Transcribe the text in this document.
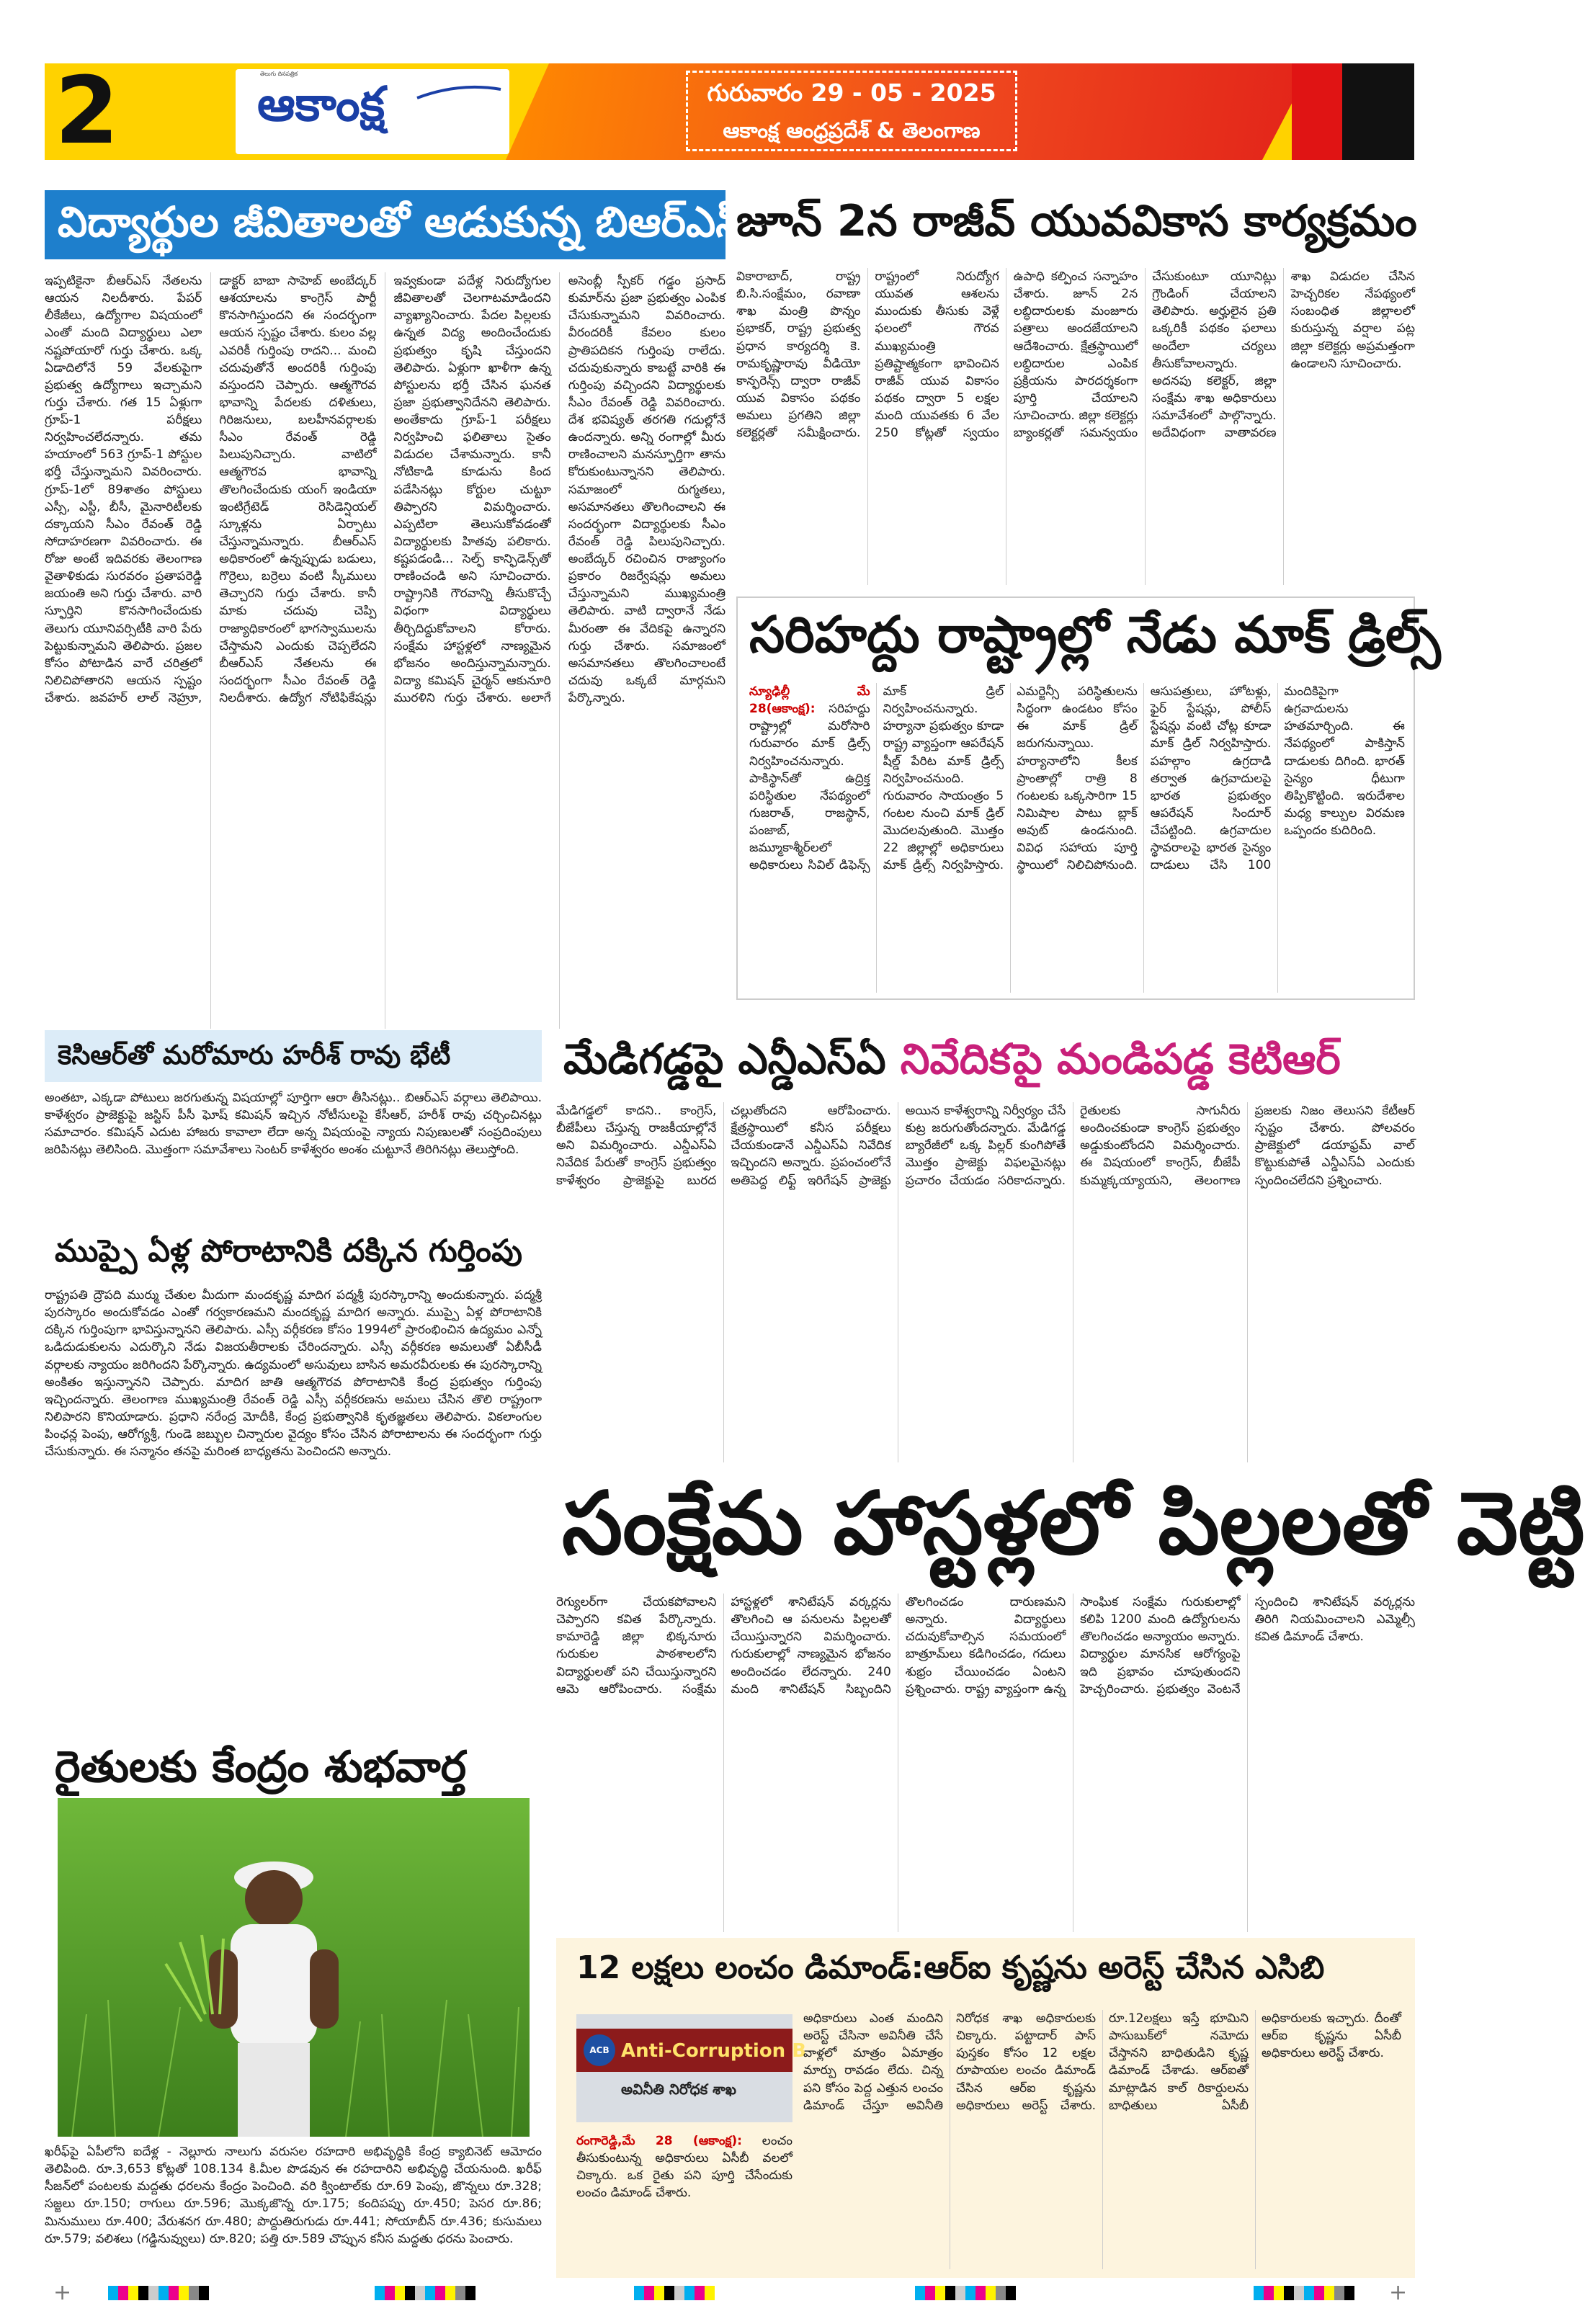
2	తెలుగు దినపత్రిక
ఆకాంక్ష	గురువారం 29 - 05 - 2025
ఆకాంక్ష ఆంధ్రప్రదేశ్ & తెలంగాణ
విద్యార్థుల జీవితాలతో ఆడుకున్న బిఆర్ఎస్
ఇప్పటికైనా బీఆర్ఎస్ నేతలను ఆయన నిలదీశారు. పేపర్ లీకేజీలు, ఉద్యోగాల విషయంలో ఎంతో మంది విద్యార్థులు ఎలా నష్టపోయారో గుర్తు చేశారు. ఒక్క ఏడాదిలోనే 59 వేలకుపైగా ప్రభుత్వ ఉద్యోగాలు ఇచ్చామని గుర్తు చేశారు. గత 15 ఏళ్లుగా గ్రూప్-1 పరీక్షలు నిర్వహించలేదన్నారు. తమ హయాంలో 563 గ్రూప్-1 పోస్టుల భర్తీ చేస్తున్నామని వివరించారు. గ్రూప్-1లో 89శాతం పోస్టులు ఎస్సీ, ఎస్టీ, బీసీ, మైనారిటీలకు దక్కాయని సీఎం రేవంత్ రెడ్డి సోదాహరణగా వివరించారు. ఈ రోజు అంటే ఇదివరకు తెలంగాణ వైతాళికుడు సురవరం ప్రతాపరెడ్డి జయంతి అని గుర్తు చేశారు. వారి స్ఫూర్తిని కొనసాగించేందుకు తెలుగు యూనివర్సిటీకి వారి పేరు పెట్టుకున్నామని తెలిపారు. ప్రజల కోసం పోటాడిన వారే చరిత్రలో నిలిచిపోతారని ఆయన స్పష్టం చేశారు. జవహర్ లాల్ నెహ్రూ, డాక్టర్ బాబా సాహెబ్ అంబేద్కర్ ఆశయాలను కాంగ్రెస్ పార్టీ కొనసాగిస్తుందని ఈ సందర్భంగా ఆయన స్పష్టం చేశారు. కులం వల్ల ఎవరికీ గుర్తింపు రాదని... మంచి చదువుతోనే అందరికీ గుర్తింపు వస్తుందని చెప్పారు. ఆత్మగౌరవ భావాన్ని పేదలకు దళితులు, గిరిజనులు, బలహీనవర్గాలకు సీఎం రేవంత్ రెడ్డి పిలుపునిచ్చారు. వాటిలో ఆత్మగౌరవ భావాన్ని తొలగించేందుకు యంగ్ ఇండియా ఇంటిగ్రేటెడ్ రెసిడెన్షియల్ స్కూళ్లను ఏర్పాటు చేస్తున్నామన్నారు. బీఆర్ఎస్ అధికారంలో ఉన్నప్పుడు బడులు, గొర్రెలు, బర్రెలు వంటి స్కీములు తెచ్చారని గుర్తు చేశారు. కానీ మాకు చదువు చెప్పి రాజ్యాధికారంలో భాగస్వాములను చేస్తామని ఎందుకు చెప్పలేదని బీఆర్ఎస్ నేతలను ఈ సందర్భంగా సీఎం రేవంత్ రెడ్డి నిలదీశారు. ఉద్యోగ నోటిఫికేషన్లు ఇవ్వకుండా పదేళ్ల నిరుద్యోగుల జీవితాలతో చెలగాటమాడిందని వ్యాఖ్యానించారు. పేదల పిల్లలకు ఉన్నత విద్య అందించేందుకు ప్రభుత్వం కృషి చేస్తుందని తెలిపారు. ఏళ్లుగా ఖాళీగా ఉన్న పోస్టులను భర్తీ చేసిన ఘనత ప్రజా ప్రభుత్వానిదేనని తెలిపారు. అంతేకాదు గ్రూప్-1 పరీక్షలు నిర్వహించి ఫలితాలు సైతం విడుదల చేశామన్నారు. కానీ నోటికాడి కూడును కింద పడేసినట్లు కోర్టుల చుట్టూ తిప్పారని విమర్శించారు. ఎప్పటిలా తెలుసుకోవడంతో విద్యార్థులకు హితవు పలికారు. కష్టపడండి... సెల్ఫ్ కాన్ఫిడెన్స్‌తో రాణించండి అని సూచించారు. రాష్ట్రానికి గౌరవాన్ని తీసుకొచ్చే విధంగా విద్యార్థులు తీర్చిదిద్దుకోవాలని కోరారు. సంక్షేమ హాస్టళ్లలో నాణ్యమైన భోజనం అందిస్తున్నామన్నారు. విద్యా కమిషన్ చైర్మన్ ఆకునూరి మురళిని గుర్తు చేశారు. అలాగే అసెంబ్లీ స్పీకర్ గడ్డం ప్రసాద్ కుమార్‌ను ప్రజా ప్రభుత్వం ఎంపిక చేసుకున్నామని వివరించారు. వీరందరికీ కేవలం కులం ప్రాతిపదికన గుర్తింపు రాలేదు. చదువుకున్నారు కాబట్టే వారికి ఈ గుర్తింపు వచ్చిందని విద్యార్థులకు సీఎం రేవంత్ రెడ్డి వివరించారు. దేశ భవిష్యత్ తరగతి గదుల్లోనే ఉందన్నారు. అన్ని రంగాల్లో మీరు రాణించాలని మనస్ఫూర్తిగా తాను కోరుకుంటున్నానని తెలిపారు. సమాజంలో రుగ్మతలు, అసమానతలు తొలగించాలని ఈ సందర్భంగా విద్యార్థులకు సీఎం రేవంత్ రెడ్డి పిలుపునిచ్చారు. అంబేద్కర్ రచించిన రాజ్యాంగం ప్రకారం రిజర్వేషన్లు అమలు చేస్తున్నామని ముఖ్యమంత్రి తెలిపారు. వాటి ద్వారానే నేడు మీరంతా ఈ వేదికపై ఉన్నారని గుర్తు చేశారు. సమాజంలో అసమానతలు తొలగించాలంటే చదువు ఒక్కటే మార్గమని పేర్కొన్నారు.
జూన్ 2న రాజీవ్ యువవికాస కార్యక్రమం
వికారాబాద్, రాష్ట్ర బి.సి.సంక్షేమం, రవాణా శాఖ మంత్రి పొన్నం ప్రభాకర్, రాష్ట్ర ప్రభుత్వ ప్రధాన కార్యదర్శి కె. రామకృష్ణారావు వీడియో కాన్ఫరెన్స్ ద్వారా రాజీవ్ యువ వికాసం పథకం అమలు ప్రగతిని జిల్లా కలెక్టర్లతో సమీక్షించారు. రాష్ట్రంలో నిరుద్యోగ యువత ఆశలను ముందుకు తీసుకు వెళ్లే ఫలంలో గౌరవ ముఖ్యమంత్రి ప్రతిష్టాత్మకంగా భావించిన రాజీవ్ యువ వికాసం పథకం ద్వారా 5 లక్షల మంది యువతకు 6 వేల 250 కోట్లతో స్వయం ఉపాధి కల్పించ సన్నాహం చేశారు. జూన్ 2న లబ్ధిదారులకు మంజూరు పత్రాలు అందజేయాలని ఆదేశించారు. క్షేత్రస్థాయిలో లబ్ధిదారుల ఎంపిక ప్రక్రియను పారదర్శకంగా పూర్తి చేయాలని సూచించారు. జిల్లా కలెక్టర్లు బ్యాంకర్లతో సమన్వయం చేసుకుంటూ యూనిట్లు గ్రౌండింగ్ చేయాలని తెలిపారు. అర్హులైన ప్రతి ఒక్కరికీ పథకం ఫలాలు అందేలా చర్యలు తీసుకోవాలన్నారు. అదనపు కలెక్టర్, జిల్లా సంక్షేమ శాఖ అధికారులు సమావేశంలో పాల్గొన్నారు. అదేవిధంగా వాతావరణ శాఖ విడుదల చేసిన హెచ్చరికల నేపథ్యంలో సంబంధిత జిల్లాలలో కురుస్తున్న వర్షాల పట్ల జిల్లా కలెక్టర్లు అప్రమత్తంగా ఉండాలని సూచించారు.
సరిహద్దు రాష్ట్రాల్లో నేడు మాక్ డ్రిల్స్
న్యూఢిల్లీ మే 28(ఆకాంక్ష): సరిహద్దు రాష్ట్రాల్లో మరోసారి గురువారం మాక్ డ్రిల్స్ నిర్వహించనున్నారు. పాకిస్థాన్‌తో ఉద్రిక్త పరిస్థితుల నేపథ్యంలో గుజరాత్, రాజస్థాన్, పంజాబ్, జమ్మూకాశ్మీర్‌లలో అధికారులు సివిల్ డిఫెన్స్ మాక్ డ్రిల్ నిర్వహించనున్నారు. హర్యానా ప్రభుత్వం కూడా రాష్ట్ర వ్యాప్తంగా ఆపరేషన్ షీల్డ్ పేరిట మాక్ డ్రిల్స్ నిర్వహించనుంది. గురువారం సాయంత్రం 5 గంటల నుంచి మాక్ డ్రిల్ మొదలవుతుంది. మొత్తం 22 జిల్లాల్లో అధికారులు మాక్ డ్రిల్స్ నిర్వహిస్తారు. ఎమర్జెన్సీ పరిస్థితులను సిద్ధంగా ఉండటం కోసం ఈ మాక్ డ్రిల్ జరుగనున్నాయి. హర్యానాలోని కీలక ప్రాంతాల్లో రాత్రి 8 గంటలకు ఒక్కసారిగా 15 నిమిషాల పాటు బ్లాక్ అవుట్ ఉండనుంది. వివిధ సహాయ పూర్తి స్థాయిలో నిలిచిపోనుంది. ఆసుపత్రులు, హోటళ్లు, ఫైర్ స్టేషన్లు, పోలీస్ స్టేషన్లు వంటి చోట్ల కూడా మాక్ డ్రిల్ నిర్వహిస్తారు. పహల్గాం ఉగ్రదాడి తర్వాత ఉగ్రవాదులపై భారత ప్రభుత్వం ఆపరేషన్ సిందూర్ చేపట్టింది. ఉగ్రవాదుల స్థావరాలపై భారత సైన్యం దాడులు చేసి 100 మందికిపైగా ఉగ్రవాదులను హతమార్చింది. ఈ నేపథ్యంలో పాకిస్తాన్ దాడులకు దిగింది. భారత్ సైన్యం ధీటుగా తిప్పికొట్టింది. ఇరుదేశాల మధ్య కాల్పుల విరమణ ఒప్పందం కుదిరింది.
కెసిఆర్‌తో మరోమారు హరీశ్ రావు భేటీ
అంతటా, ఎక్కడా పోటులు జరగుతున్న విషయాల్లో పూర్తిగా ఆరా తీసినట్లు.. బిఆర్ఎస్ వర్గాలు తెలిపాయి. కాళేశ్వరం ప్రాజెక్టుపై జస్టిస్ పీసీ ఘోష్ కమిషన్ ఇచ్చిన నోటీసులపై కేసీఆర్, హరీశ్ రావు చర్చించినట్లు సమాచారం. కమిషన్ ఎదుట హాజరు కావాలా లేదా అన్న విషయంపై న్యాయ నిపుణులతో సంప్రదింపులు జరిపినట్లు తెలిసింది. మొత్తంగా సమావేశాలు సెంటర్ కాళేశ్వరం అంశం చుట్టూనే తిరిగినట్లు తెలుస్తోంది.
ముప్పై ఏళ్ల పోరాటానికి దక్కిన గుర్తింపు
రాష్ట్రపతి ద్రౌపది ముర్ము చేతుల మీదుగా మందకృష్ణ మాదిగ పద్మశ్రీ పురస్కారాన్ని అందుకున్నారు. పద్మశ్రీ పురస్కారం అందుకోవడం ఎంతో గర్వకారణమని మందకృష్ణ మాదిగ అన్నారు. ముప్పై ఏళ్ల పోరాటానికి దక్కిన గుర్తింపుగా భావిస్తున్నానని తెలిపారు. ఎస్సీ వర్గీకరణ కోసం 1994లో ప్రారంభించిన ఉద్యమం ఎన్నో ఒడిదుడుకులను ఎదుర్కొని నేడు విజయతీరాలకు చేరిందన్నారు. ఎస్సీ వర్గీకరణ అమలుతో ఏబీసీడీ వర్గాలకు న్యాయం జరిగిందని పేర్కొన్నారు. ఉద్యమంలో అసువులు బాసిన అమరవీరులకు ఈ పురస్కారాన్ని అంకితం ఇస్తున్నానని చెప్పారు. మాదిగ జాతి ఆత్మగౌరవ పోరాటానికి కేంద్ర ప్రభుత్వం గుర్తింపు ఇచ్చిందన్నారు. తెలంగాణ ముఖ్యమంత్రి రేవంత్ రెడ్డి ఎస్సీ వర్గీకరణను అమలు చేసిన తొలి రాష్ట్రంగా నిలిపారని కొనియాడారు. ప్రధాని నరేంద్ర మోదీకి, కేంద్ర ప్రభుత్వానికి కృతజ్ఞతలు తెలిపారు. వికలాంగుల పింఛన్ల పెంపు, ఆరోగ్యశ్రీ, గుండె జబ్బుల చిన్నారుల వైద్యం కోసం చేసిన పోరాటాలను ఈ సందర్భంగా గుర్తు చేసుకున్నారు. ఈ సన్మానం తనపై మరింత బాధ్యతను పెంచిందని అన్నారు.
రైతులకు కేంద్రం శుభవార్త
ఖరీఫ్‌పై ఏపీలోని ఐదేళ్ల - నెల్లూరు నాలుగు వరుసల రహదారి అభివృద్ధికి కేంద్ర క్యాబినెట్ ఆమోదం తెలిపింది. రూ.3,653 కోట్లతో 108.134 కి.మీల పొడవున ఈ రహదారిని అభివృద్ధి చేయనుంది. ఖరీఫ్ సీజన్‌లో పంటలకు మద్దతు ధరలను కేంద్రం పెంచింది. వరి క్వింటాల్‌కు రూ.69 పెంపు, జొన్నలు రూ.328; సజ్జలు రూ.150; రాగులు రూ.596; మొక్కజొన్న రూ.175; కందిపప్పు రూ.450; పెసర రూ.86; మినుములు రూ.400; వేరుశనగ రూ.480; పొద్దుతిరుగుడు రూ.441; సోయాబీన్ రూ.436; కుసుమలు రూ.579; వలిశలు (గడ్డినువ్వులు) రూ.820; పత్తి రూ.589 చొప్పున కనీస మద్దతు ధరను పెంచారు.
మేడిగడ్డపై ఎన్డీఎస్ఏ నివేదికపై మండిపడ్డ కెటిఆర్
మేడిగడ్డలో కాదని.. కాంగ్రెస్, బీజేపీలు చేస్తున్న రాజకీయాల్లోనే అని విమర్శించారు. ఎన్డీఎస్ఏ నివేదిక పేరుతో కాంగ్రెస్ ప్రభుత్వం కాళేశ్వరం ప్రాజెక్టుపై బురద చల్లుతోందని ఆరోపించారు. క్షేత్రస్థాయిలో కనీస పరీక్షలు చేయకుండానే ఎన్డీఎస్ఏ నివేదిక ఇచ్చిందని అన్నారు. ప్రపంచంలోనే అతిపెద్ద లిఫ్ట్ ఇరిగేషన్ ప్రాజెక్టు అయిన కాళేశ్వరాన్ని నిర్వీర్యం చేసే కుట్ర జరుగుతోందన్నారు. మేడిగడ్డ బ్యారేజీలో ఒక్క పిల్లర్ కుంగిపోతే మొత్తం ప్రాజెక్టు విఫలమైనట్లు ప్రచారం చేయడం సరికాదన్నారు. రైతులకు సాగునీరు అందించకుండా కాంగ్రెస్ ప్రభుత్వం అడ్డుకుంటోందని విమర్శించారు. ఈ విషయంలో కాంగ్రెస్, బీజేపీ కుమ్మక్కయ్యాయని, తెలంగాణ ప్రజలకు నిజం తెలుసని కేటీఆర్ స్పష్టం చేశారు. పోలవరం ప్రాజెక్టులో డయాఫ్రమ్ వాల్ కొట్టుకుపోతే ఎన్డీఎస్ఏ ఎందుకు స్పందించలేదని ప్రశ్నించారు.
సంక్షేమ హాస్టళ్లలో పిల్లలతో వెట్టి
రెగ్యులర్‌గా చేయకపోవాలని చెప్పారని కవిత పేర్కొన్నారు. కామారెడ్డి జిల్లా భిక్కనూరు గురుకుల పాఠశాలలోని విద్యార్థులతో పని చేయిస్తున్నారని ఆమె ఆరోపించారు. సంక్షేమ హాస్టళ్లలో శానిటేషన్ వర్కర్లను తొలగించి ఆ పనులను పిల్లలతో చేయిస్తున్నారని విమర్శించారు. గురుకులాల్లో నాణ్యమైన భోజనం అందించడం లేదన్నారు. 240 మంది శానిటేషన్ సిబ్బందిని తొలగించడం దారుణమని అన్నారు. విద్యార్థులు చదువుకోవాల్సిన సమయంలో బాత్రూమ్‌లు కడిగించడం, గదులు శుభ్రం చేయించడం ఏంటని ప్రశ్నించారు. రాష్ట్ర వ్యాప్తంగా ఉన్న సాంఘిక సంక్షేమ గురుకులాల్లో కలిపి 1200 మంది ఉద్యోగులను తొలగించడం అన్యాయం అన్నారు. విద్యార్థుల మానసిక ఆరోగ్యంపై ఇది ప్రభావం చూపుతుందని హెచ్చరించారు. ప్రభుత్వం వెంటనే స్పందించి శానిటేషన్ వర్కర్లను తిరిగి నియమించాలని ఎమ్మెల్సీ కవిత డిమాండ్ చేశారు.
12 లక్షలు లంచం డిమాండ్:ఆర్ఐ కృష్ణను అరెస్ట్ చేసిన ఎసిబి
ACB Anti-Corruption B
అవినీతి నిరోధక శాఖ
రంగారెడ్డి,మే 28 (ఆకాంక్ష): లంచం తీసుకుంటున్న అధికారులు ఏసీబీ వలలో చిక్కారు. ఒక రైతు పని పూర్తి చేసేందుకు లంచం డిమాండ్ చేశారు.
అధికారులు ఎంత మందిని అరెస్ట్ చేసినా అవినీతి చేసే వాళ్లలో మాత్రం ఏమాత్రం మార్పు రావడం లేదు. చిన్న పని కోసం పెద్ద ఎత్తున లంచం డిమాండ్ చేస్తూ అవినీతి నిరోధక శాఖ అధికారులకు చిక్కారు. పట్టాదార్ పాస్ పుస్తకం కోసం 12 లక్షల రూపాయల లంచం డిమాండ్ చేసిన ఆర్ఐ కృష్ణను అధికారులు అరెస్ట్ చేశారు. రూ.12లక్షలు ఇస్తే భూమిని పాసుబుక్‌లో నమోదు చేస్తానని బాధితుడిని కృష్ణ డిమాండ్ చేశాడు. ఆర్ఐతో మాట్లాడిన కాల్ రికార్డులను బాధితులు ఏసీబీ అధికారులకు ఇచ్చారు. దీంతో ఆర్ఐ కృష్ణను ఏసీబీ అధికారులు అరెస్ట్ చేశారు.
+	+
